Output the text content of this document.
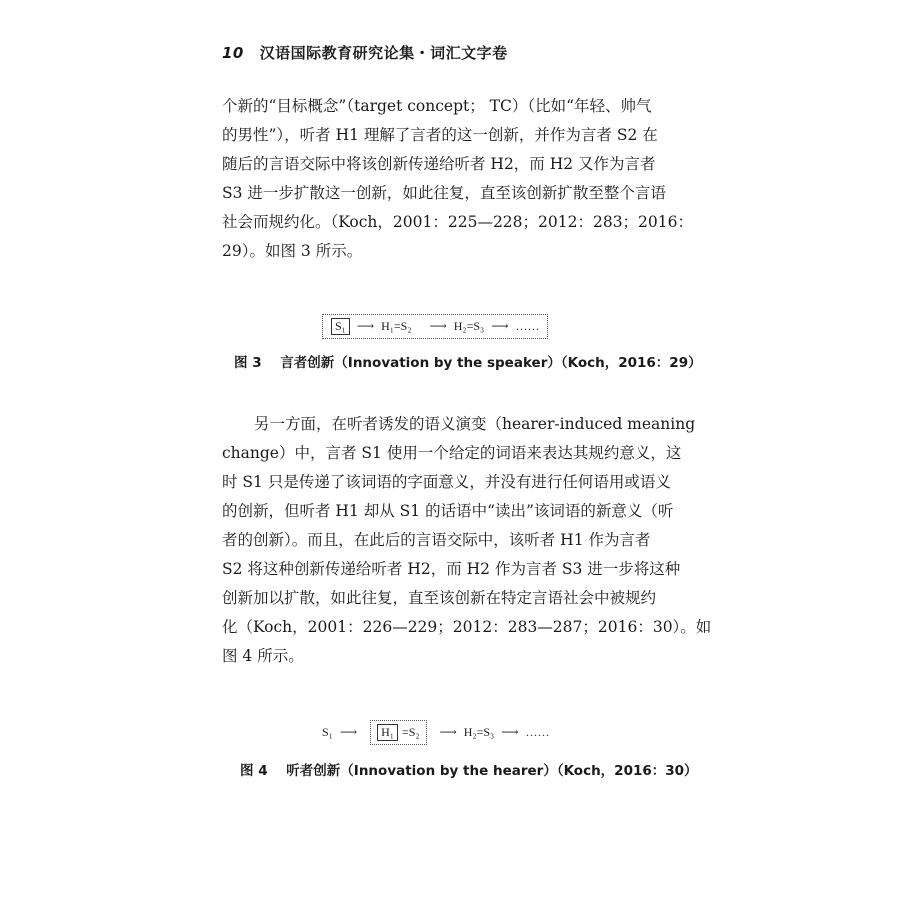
10 汉语国际教育研究论集・词汇文字卷
个新的“目标概念”（target concept； TC）（比如“年轻、帅气
的男性”），听者 H1 理解了言者的这一创新，并作为言者 S2 在
随后的言语交际中将该创新传递给听者 H2，而 H2 又作为言者
S3 进一步扩散这一创新，如此往复，直至该创新扩散至整个言语
社会而规约化。（Koch，2001：225—228；2012：283；2016：
29）。如图 3 所示。
S₁ ⟶ H₁=S₂ ⟶ H₂=S₃ ⟶ ……
图 3 言者创新（Innovation by the speaker）（Koch，2016：29）
另一方面，在听者诱发的语义演变（hearer-induced meaning
change）中，言者 S1 使用一个给定的词语来表达其规约意义，这
时 S1 只是传递了该词语的字面意义，并没有进行任何语用或语义
的创新，但听者 H1 却从 S1 的话语中“读出”该词语的新意义（听
者的创新）。而且，在此后的言语交际中，该听者 H1 作为言者
S2 将这种创新传递给听者 H2，而 H2 作为言者 S3 进一步将这种
创新加以扩散，如此往复，直至该创新在特定言语社会中被规约
化（Koch，2001：226—229；2012：283—287；2016：30）。如
图 4 所示。
S₁ ⟶	H₁ =S₂ ⟶ H₂=S₃ ⟶ ……
图 4 听者创新（Innovation by the hearer）（Koch，2016：30）
